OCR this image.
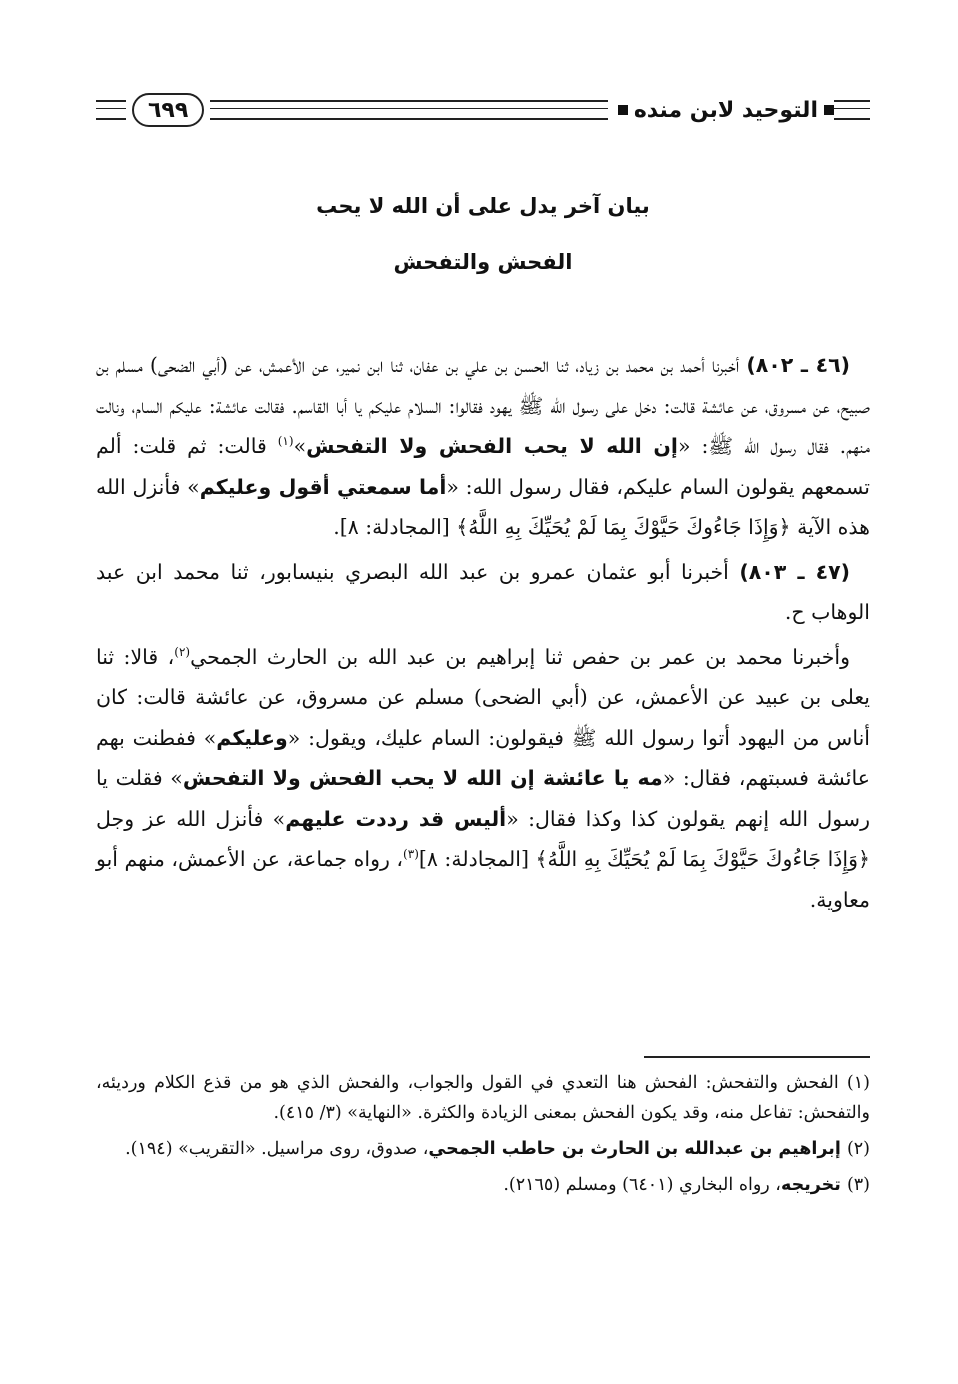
التوحيد لابن منده
٦٩٩
بيان آخر يدل على أن الله لا يحب
الفحش والتفحش

(٤٦ ـ ٨٠٢) أخبرنا أحمد بن محمد بن زياد، ثنا الحسن بن علي بن عفان، ثنا ابن نمير، عن الأعمش، عن (أبي الضحى) مسلم بن صبيح، عن مسروق، عن عائشة قالت: دخل على رسول الله ﷺ يهود فقالوا: السلام عليكم يا أبا القاسم. فقالت عائشة: عليكم السام، ونالت منهم. فقال رسول الله ﷺ: «إن الله لا يحب الفحش ولا التفحش»$^{(١)}$ قالت: ثم قلت: ألم تسمعهم يقولون السام عليكم، فقال رسول الله: «أما سمعتي أقول وعليكم» فأنزل الله هذه الآية ﴿وَإِذَا جَاءُوكَ حَيَّوْكَ بِمَا لَمْ يُحَيِّكَ بِهِ اللَّهُ﴾ [المجادلة: ٨].

(٤٧ ـ ٨٠٣) أخبرنا أبو عثمان عمرو بن عبد الله البصري بنيسابور، ثنا محمد ابن عبد الوهاب ح.

وأخبرنا محمد بن عمر بن حفص ثنا إبراهيم بن عبد الله بن الحارث الجمحي$^{(٢)}$، قالا: ثنا يعلى بن عبيد عن الأعمش، عن (أبي الضحى) مسلم عن مسروق، عن عائشة قالت: كان أناس من اليهود أتوا رسول الله ﷺ فيقولون: السام عليك، ويقول: «وعليكم» ففطنت بهم عائشة فسبتهم، فقال: «مه يا عائشة إن الله لا يحب الفحش ولا التفحش» فقلت يا رسول الله إنهم يقولون كذا وكذا فقال: «أليس قد رددت عليهم» فأنزل الله عز وجل ﴿وَإِذَا جَاءُوكَ حَيَّوْكَ بِمَا لَمْ يُحَيِّكَ بِهِ اللَّهُ﴾ [المجادلة: ٨]$^{(٣)}$، رواه جماعة، عن الأعمش، منهم أبو معاوية.

(١) الفحش والتفحش: الفحش هنا التعدي في القول والجواب، والفحش الذي هو من قذع الكلام ورديئه، والتفحش: تفاعل منه، وقد يكون الفحش بمعنى الزيادة والكثرة. «النهاية» (٣/ ٤١٥).

(٢) إبراهيم بن عبدالله بن الحارث بن حاطب الجمحي، صدوق، روى مراسيل. «التقريب» (١٩٤).

(٣) تخريجه، رواه البخاري (٦٤٠١) ومسلم (٢١٦٥).
